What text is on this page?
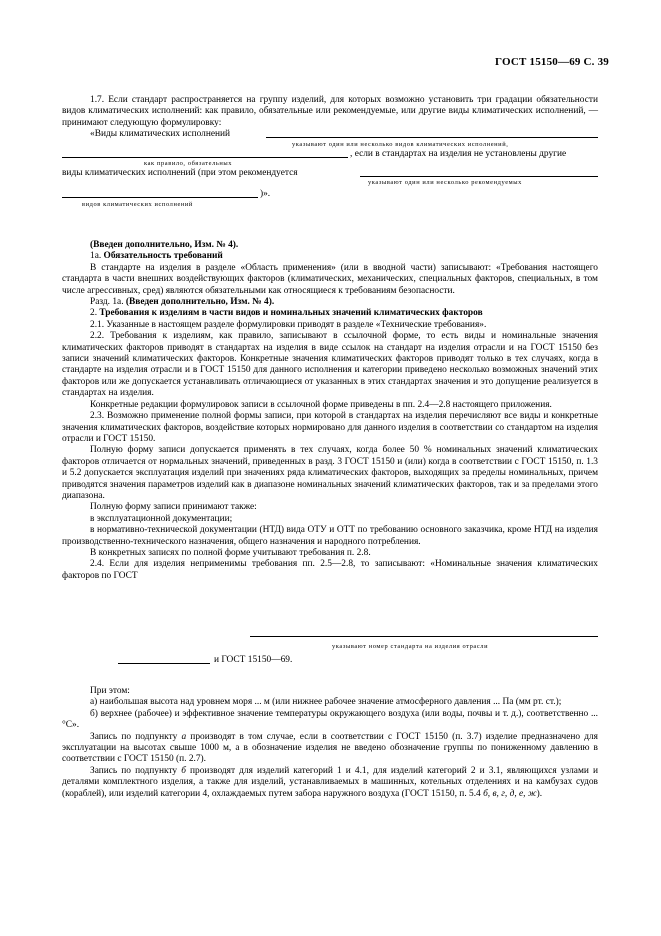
ГОСТ 15150—69 С. 39

1.7. Если стандарт распространяется на группу изделий, для которых возможно установить три градации обязательности видов климатических исполнений: как правило, обязательные или рекомендуемые, или другие виды климатических исполнений, — принимают следующую формулировку:

«Виды климатических исполнений
указывают один или несколько видов климатических исполнений,
, если в стандартах на изделия не установлены другие
как правило, обязательных
виды климатических исполнений (при этом рекомендуется
указывают один или несколько рекомендуемых
)».
видов климатических исполнений

(Введен дополнительно, Изм. № 4).

1а. Обязательность требований

В стандарте на изделия в разделе «Область применения» (или в вводной части) записывают: «Требования настоящего стандарта в части внешних воздействующих факторов (климатических, механических, специальных факторов, специальных, в том числе агрессивных, сред) являются обязательными как относящиеся к требованиям безопасности.

Разд. 1а. (Введен дополнительно, Изм. № 4).

2. Требования к изделиям в части видов и номинальных значений климатических факторов

2.1. Указанные в настоящем разделе формулировки приводят в разделе «Технические требования».

2.2. Требования к изделиям, как правило, записывают в ссылочной форме, то есть виды и номинальные значения климатических факторов приводят в стандартах на изделия в виде ссылок на стандарт на изделия отрасли и на ГОСТ 15150 без записи значений климатических факторов. Конкретные значения климатических факторов приводят только в тех случаях, когда в стандарте на изделия отрасли и в ГОСТ 15150 для данного исполнения и категории приведено несколько возможных значений этих факторов или же допускается устанавливать отличающиеся от указанных в этих стандартах значения и это допущение реализуется в стандартах на изделия.

Конкретные редакции формулировок записи в ссылочной форме приведены в пп. 2.4—2.8 настоящего приложения.

2.3. Возможно применение полной формы записи, при которой в стандартах на изделия перечисляют все виды и конкретные значения климатических факторов, воздействие которых нормировано для данного изделия в соответствии со стандартом на изделия отрасли и ГОСТ 15150.

Полную форму записи допускается применять в тех случаях, когда более 50 % номинальных значений климатических факторов отличается от нормальных значений, приведенных в разд. 3 ГОСТ 15150 и (или) когда в соответствии с ГОСТ 15150, п. 1.3 и 5.2 допускается эксплуатация изделий при значениях ряда климатических факторов, выходящих за пределы номинальных, причем приводятся значения параметров изделий как в диапазоне номинальных значений климатических факторов, так и за пределами этого диапазона.

Полную форму записи принимают также:

в эксплуатационной документации;

в нормативно-технической документации (НТД) вида ОТУ и ОТТ по требованию основного заказчика, кроме НТД на изделия производственно-технического назначения, общего назначения и народного потребления.

В конкретных записях по полной форме учитывают требования п. 2.8.

2.4. Если для изделия неприменимы требования пп. 2.5—2.8, то записывают: «Номинальные значения климатических факторов по ГОСТ

указывают номер стандарта на изделия отрасли
и ГОСТ 15150—69.

При этом:

а) наибольшая высота над уровнем моря ... м (или нижнее рабочее значение атмосферного давления ... Па (мм рт. ст.);

б) верхнее (рабочее) и эффективное значение температуры окружающего воздуха (или воды, почвы и т. д.), соответственно ... °С».

Запись по подпункту а производят в том случае, если в соответствии с ГОСТ 15150 (п. 3.7) изделие предназначено для эксплуатации на высотах свыше 1000 м, а в обозначение изделия не введено обозначение группы по пониженному давлению в соответствии с ГОСТ 15150 (п. 2.7).

Запись по подпункту б производят для изделий категорий 1 и 4.1, для изделий категорий 2 и 3.1, являющихся узлами и деталями комплектного изделия, а также для изделий, устанавливаемых в машинных, котельных отделениях и на камбузах судов (кораблей), или изделий категории 4, охлаждаемых путем забора наружного воздуха (ГОСТ 15150, п. 5.4 б, в, г, д, е, ж).
